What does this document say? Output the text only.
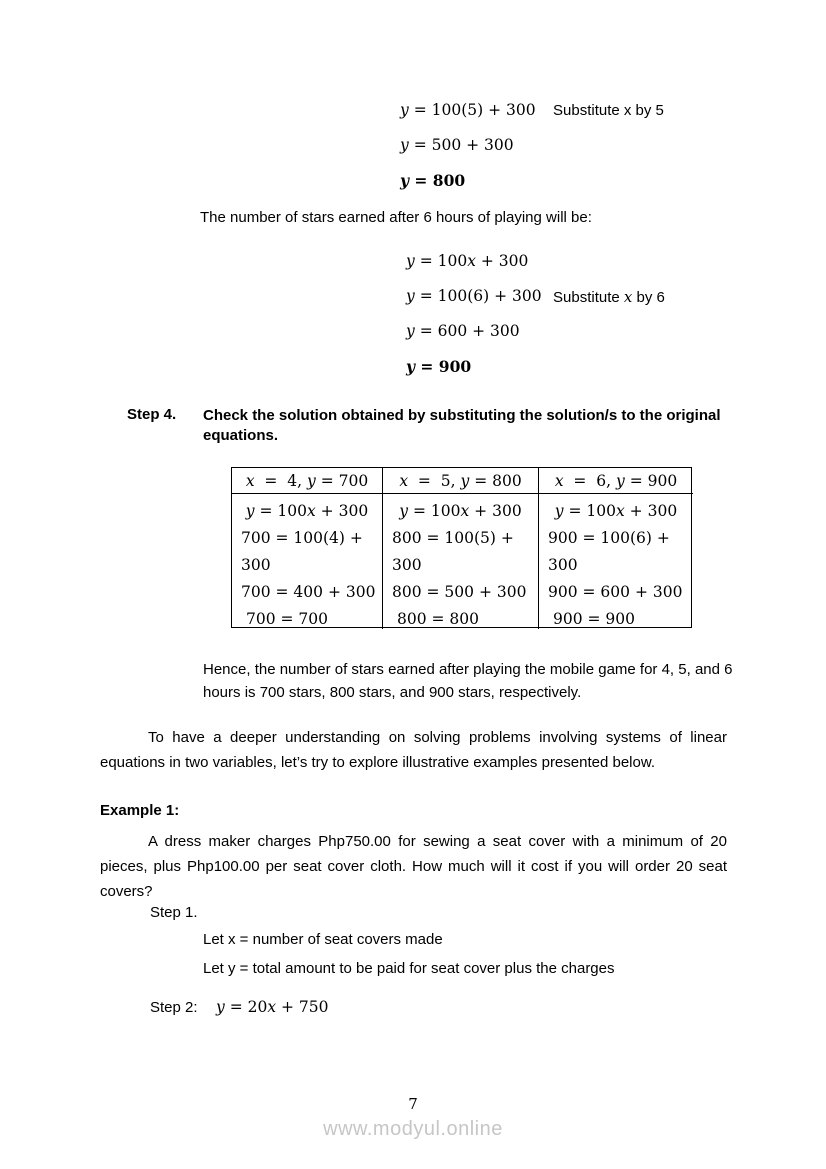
y = 100(5) + 300 Substitute x by 5
y = 500 + 300
y = 800
The number of stars earned after 6 hours of playing will be:
y = 100x + 300
y = 100(6) + 300 Substitute x by 6
y = 600 + 300
y = 900
Step 4. Check the solution obtained by substituting the solution/s to the original equations.
x =  4, y = 700	x =  5, y = 800	x =  6, y = 900
y = 100x + 300
700 = 100(4) + 300
700 = 400 + 300
700 = 700
y = 100x + 300
800 = 100(5) + 300
800 = 500 + 300
800 = 800
y = 100x + 300
900 = 100(6) + 300
900 = 600 + 300
900 = 900
Hence, the number of stars earned after playing the mobile game for 4, 5, and 6 hours is 700 stars, 800 stars, and 900 stars, respectively.
To have a deeper understanding on solving problems involving systems of linear equations in two variables, let’s try to explore illustrative examples presented below.
Example 1:
A dress maker charges Php750.00 for sewing a seat cover with a minimum of 20 pieces, plus Php100.00 per seat cover cloth. How much will it cost if you will order 20 seat covers?
Step 1.
Let x = number of seat covers made
Let y = total amount to be paid for seat cover plus the charges
Step 2: y = 20x + 750
7
www.modyul.online
